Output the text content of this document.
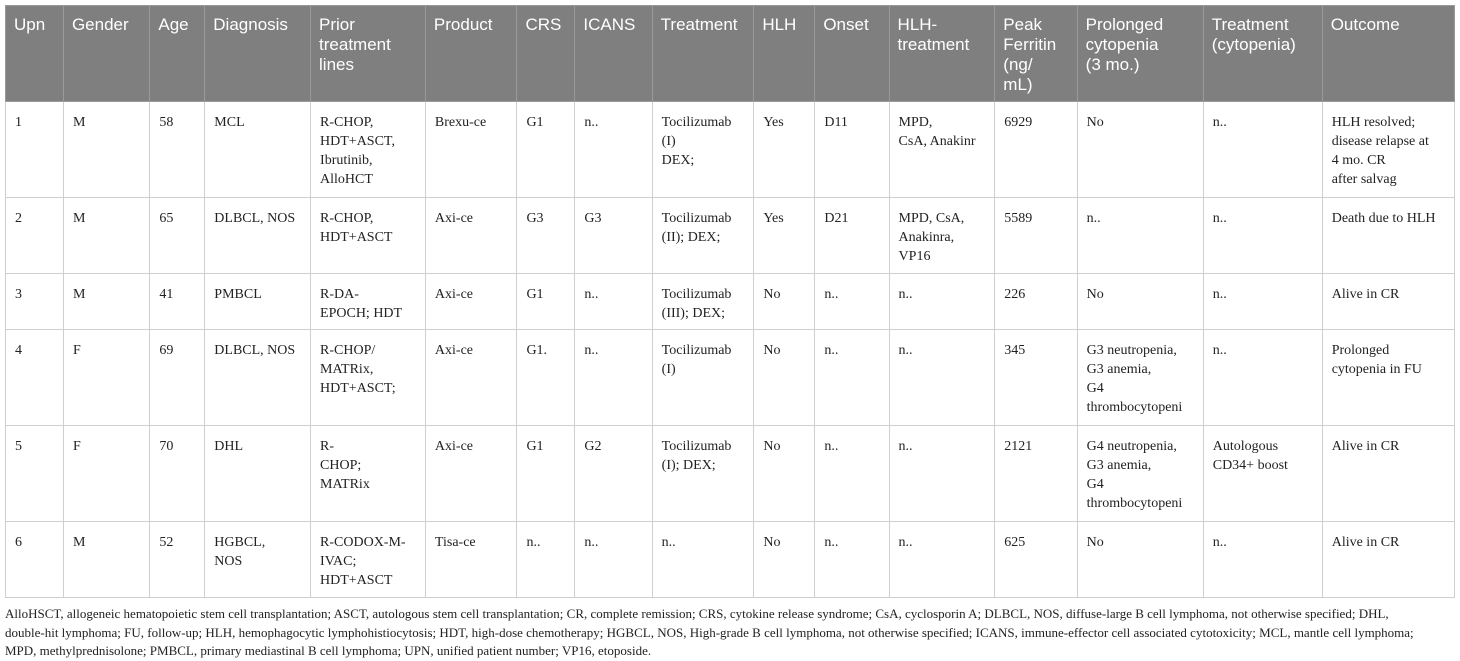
Upn	Gender	Age	Diagnosis	Prior
treatment
lines	Product	CRS	ICANS	Treatment	HLH	Onset	HLH-
treatment	Peak
Ferritin
(ng/
mL)	Prolonged
cytopenia
(3 mo.)	Treatment
(cytopenia)	Outcome

1	M	58	MCL	R-CHOP,
HDT+ASCT,
Ibrutinib,
AlloHCT	Brexu-ce	G1	n..	Tocilizumab
(I)
DEX;	Yes	D11	MPD,
CsA, Anakinr	6929	No	n..	HLH resolved;
disease relapse at
4 mo. CR
after salvag

2	M	65	DLBCL, NOS	R-CHOP,
HDT+ASCT	Axi-ce	G3	G3	Tocilizumab
(II); DEX;	Yes	D21	MPD, CsA,
Anakinra,
VP16	5589	n..	n..	Death due to HLH

3	M	41	PMBCL	R-DA-
EPOCH; HDT	Axi-ce	G1	n..	Tocilizumab
(III); DEX;	No	n..	n..	226	No	n..	Alive in CR

4	F	69	DLBCL, NOS	R-CHOP/
MATRix,
HDT+ASCT;	Axi-ce	G1.	n..	Tocilizumab
(I)	No	n..	n..	345	G3 neutropenia,
G3 anemia,
G4
thrombocytopeni	n..	Prolonged
cytopenia in FU

5	F	70	DHL	R-
CHOP;
MATRix	Axi-ce	G1	G2	Tocilizumab
(I); DEX;	No	n..	n..	2121	G4 neutropenia,
G3 anemia,
G4
thrombocytopeni	Autologous
CD34+ boost	Alive in CR

6	M	52	HGBCL,
NOS	R-CODOX-M-
IVAC;
HDT+ASCT	Tisa-ce	n..	n..	n..	No	n..	n..	625	No	n..	Alive in CR
AlloHSCT, allogeneic hematopoietic stem cell transplantation; ASCT, autologous stem cell transplantation; CR, complete remission; CRS, cytokine release syndrome; CsA, cyclosporin A; DLBCL, NOS, diffuse-large B cell lymphoma, not otherwise specified; DHL,
double-hit lymphoma; FU, follow-up; HLH, hemophagocytic lymphohistiocytosis; HDT, high-dose chemotherapy; HGBCL, NOS, High-grade B cell lymphoma, not otherwise specified; ICANS, immune-effector cell associated cytotoxicity; MCL, mantle cell lymphoma;
MPD, methylprednisolone; PMBCL, primary mediastinal B cell lymphoma; UPN, unified patient number; VP16, etoposide.
